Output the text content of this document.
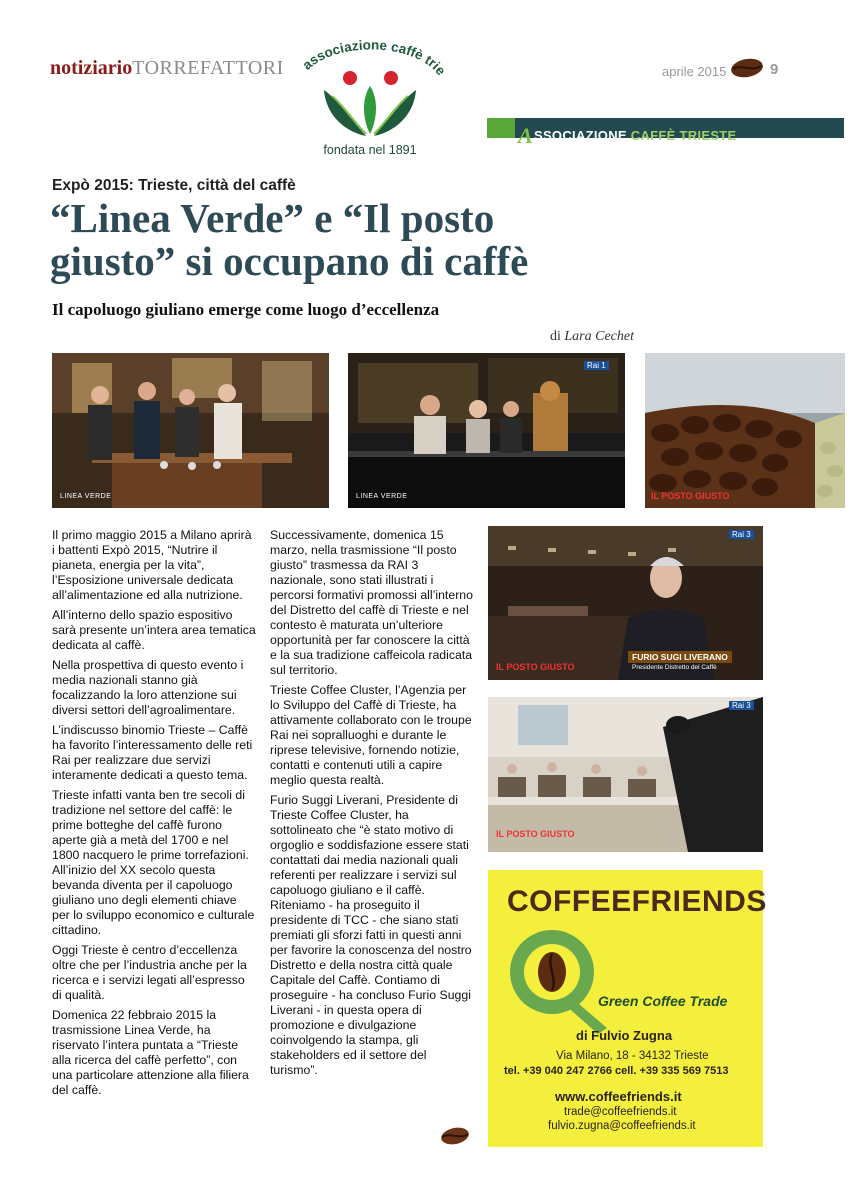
notiziarioTORREFATTORI	associazione caffè trie
fondata nel 1891
aprile 2015	9
ASSOCIAZIONE CAFFÈ TRIESTE
Expò 2015: Trieste, città del caffè
“Linea Verde” e “Il posto
giusto” si occupano di caffè
Il capoluogo giuliano emerge come luogo d’eccellenza
di Lara Cechet
LINEA VERDE
Rai 1
LINEA VERDE	IL POSTO GIUSTO
Rai 3
IL POSTO GIUSTO
FURIO SUGI LIVERANO
Presidente Distretto del Caffè
Rai 3
IL POSTO GIUSTO

Il primo maggio 2015 a Milano aprirà i battenti Expò 2015, “Nutrire il pianeta, energia per la vita”, l’Esposizione universale dedicata all’alimentazione ed alla nutrizione.

All’interno dello spazio espositivo sarà presente un’intera area tematica dedicata al caffè.

Nella prospettiva di questo evento i media nazionali stanno già focalizzando la loro attenzione sui diversi settori dell’agroalimentare.

L’indiscusso binomio Trieste – Caffè ha favorito l’interessamento delle reti Rai per realizzare due servizi interamente dedicati a questo tema.

Trieste infatti vanta ben tre secoli di tradizione nel settore del caffè: le prime botteghe del caffè furono aperte già a metà del 1700 e nel 1800 nacquero le prime torrefazioni. All’inizio del XX secolo questa bevanda diventa per il capoluogo giuliano uno degli elementi chiave per lo sviluppo economico e culturale cittadino.

Oggi Trieste è centro d’eccellenza oltre che per l’industria anche per la ricerca e i servizi legati all’espresso di qualità.

Domenica 22 febbraio 2015 la trasmissione Linea Verde, ha riservato l’intera puntata a “Trieste alla ricerca del caffè perfetto”, con una particolare attenzione alla filiera del caffè.

Successivamente, domenica 15 marzo, nella trasmissione “Il posto giusto” trasmessa da RAI 3 nazionale, sono stati illustrati i percorsi formativi promossi all’interno del Distretto del caffè di Trieste e nel contesto è maturata un’ulteriore opportunità per far conoscere la città e la sua tradizione caffeicola radicata sul territorio.

Trieste Coffee Cluster, l’Agenzia per lo Sviluppo del Caffè di Trieste, ha attivamente collaborato con le troupe Rai nei sopralluoghi e durante le riprese televisive, fornendo notizie, contatti e contenuti utili a capire meglio questa realtà.

Furio Suggi Liverani, Presidente di Trieste Coffee Cluster, ha sottolineato che “è stato motivo di orgoglio e soddisfazione essere stati contattati dai media nazionali quali referenti per realizzare i servizi sul capoluogo giuliano e il caffè. Riteniamo - ha proseguito il presidente di TCC - che siano stati premiati gli sforzi fatti in questi anni per favorire la conoscenza del nostro Distretto e della nostra città quale Capitale del Caffè. Contiamo di proseguire - ha concluso Furio Suggi Liverani - in questa opera di promozione e divulgazione coinvolgendo la stampa, gli stakeholders ed il settore del turismo”.

COFFEEFRIENDS
Green Coffee Trade
di Fulvio Zugna
Via Milano, 18 - 34132 Trieste
tel. +39 040 247 2766 cell. +39 335 569 7513
www.coffeefriends.it
trade@coffeefriends.it
fulvio.zugna@coffeefriends.it
